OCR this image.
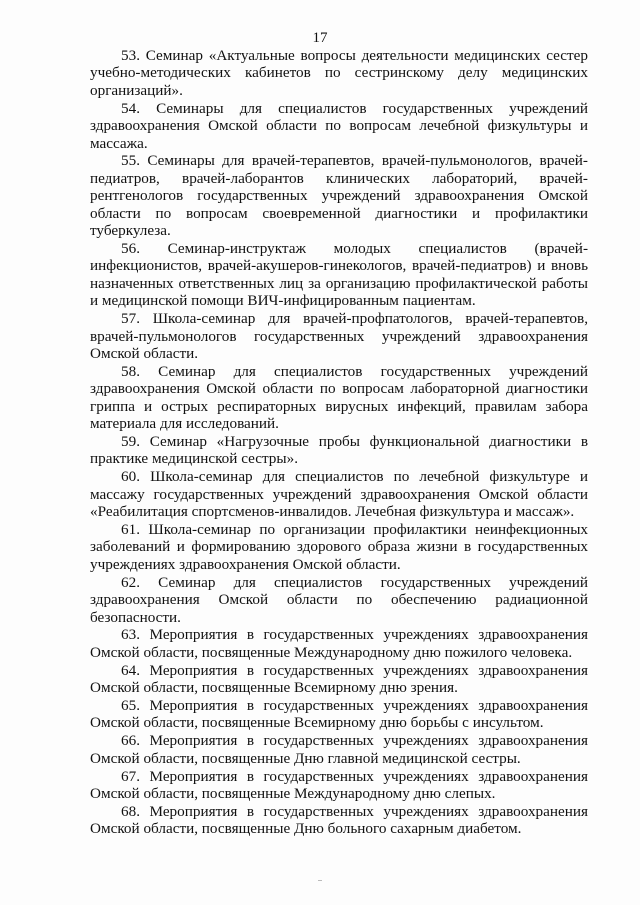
17

53. Семинар «Актуальные вопросы деятельности медицинских сестер учебно-методических кабинетов по сестринскому делу медицинских организаций».

54. Семинары для специалистов государственных учреждений здравоохранения Омской области по вопросам лечебной физкультуры и массажа.

55. Семинары для врачей-терапевтов, врачей-пульмонологов, врачей-педиатров, врачей-лаборантов клинических лабораторий, врачей-рентгенологов государственных учреждений здравоохранения Омской области по вопросам своевременной диагностики и профилактики туберкулеза.

56. Семинар-инструктаж молодых специалистов (врачей-инфекционистов, врачей-акушеров-гинекологов, врачей-педиатров) и вновь назначенных ответственных лиц за организацию профилактической работы и медицинской помощи ВИЧ-инфицированным пациентам.

57. Школа-семинар для врачей-профпатологов, врачей-терапевтов, врачей-пульмонологов государственных учреждений здравоохранения Омской области.

58. Семинар для специалистов государственных учреждений здравоохранения Омской области по вопросам лабораторной диагностики гриппа и острых респираторных вирусных инфекций, правилам забора материала для исследований.

59. Семинар «Нагрузочные пробы функциональной диагностики в практике медицинской сестры».

60. Школа-семинар для специалистов по лечебной физкультуре и массажу государственных учреждений здравоохранения Омской области «Реабилитация спортсменов-инвалидов. Лечебная физкультура и массаж».

61. Школа-семинар по организации профилактики неинфекционных заболеваний и формированию здорового образа жизни в государственных учреждениях здравоохранения Омской области.

62. Семинар для специалистов государственных учреждений здравоохранения Омской области по обеспечению радиационной безопасности.

63. Мероприятия в государственных учреждениях здравоохранения Омской области, посвященные Международному дню пожилого человека.

64. Мероприятия в государственных учреждениях здравоохранения Омской области, посвященные Всемирному дню зрения.

65. Мероприятия в государственных учреждениях здравоохранения Омской области, посвященные Всемирному дню борьбы с инсультом.

66. Мероприятия в государственных учреждениях здравоохранения Омской области, посвященные Дню главной медицинской сестры.

67. Мероприятия в государственных учреждениях здравоохранения Омской области, посвященные Международному дню слепых.

68. Мероприятия в государственных учреждениях здравоохранения Омской области, посвященные Дню больного сахарным диабетом.
